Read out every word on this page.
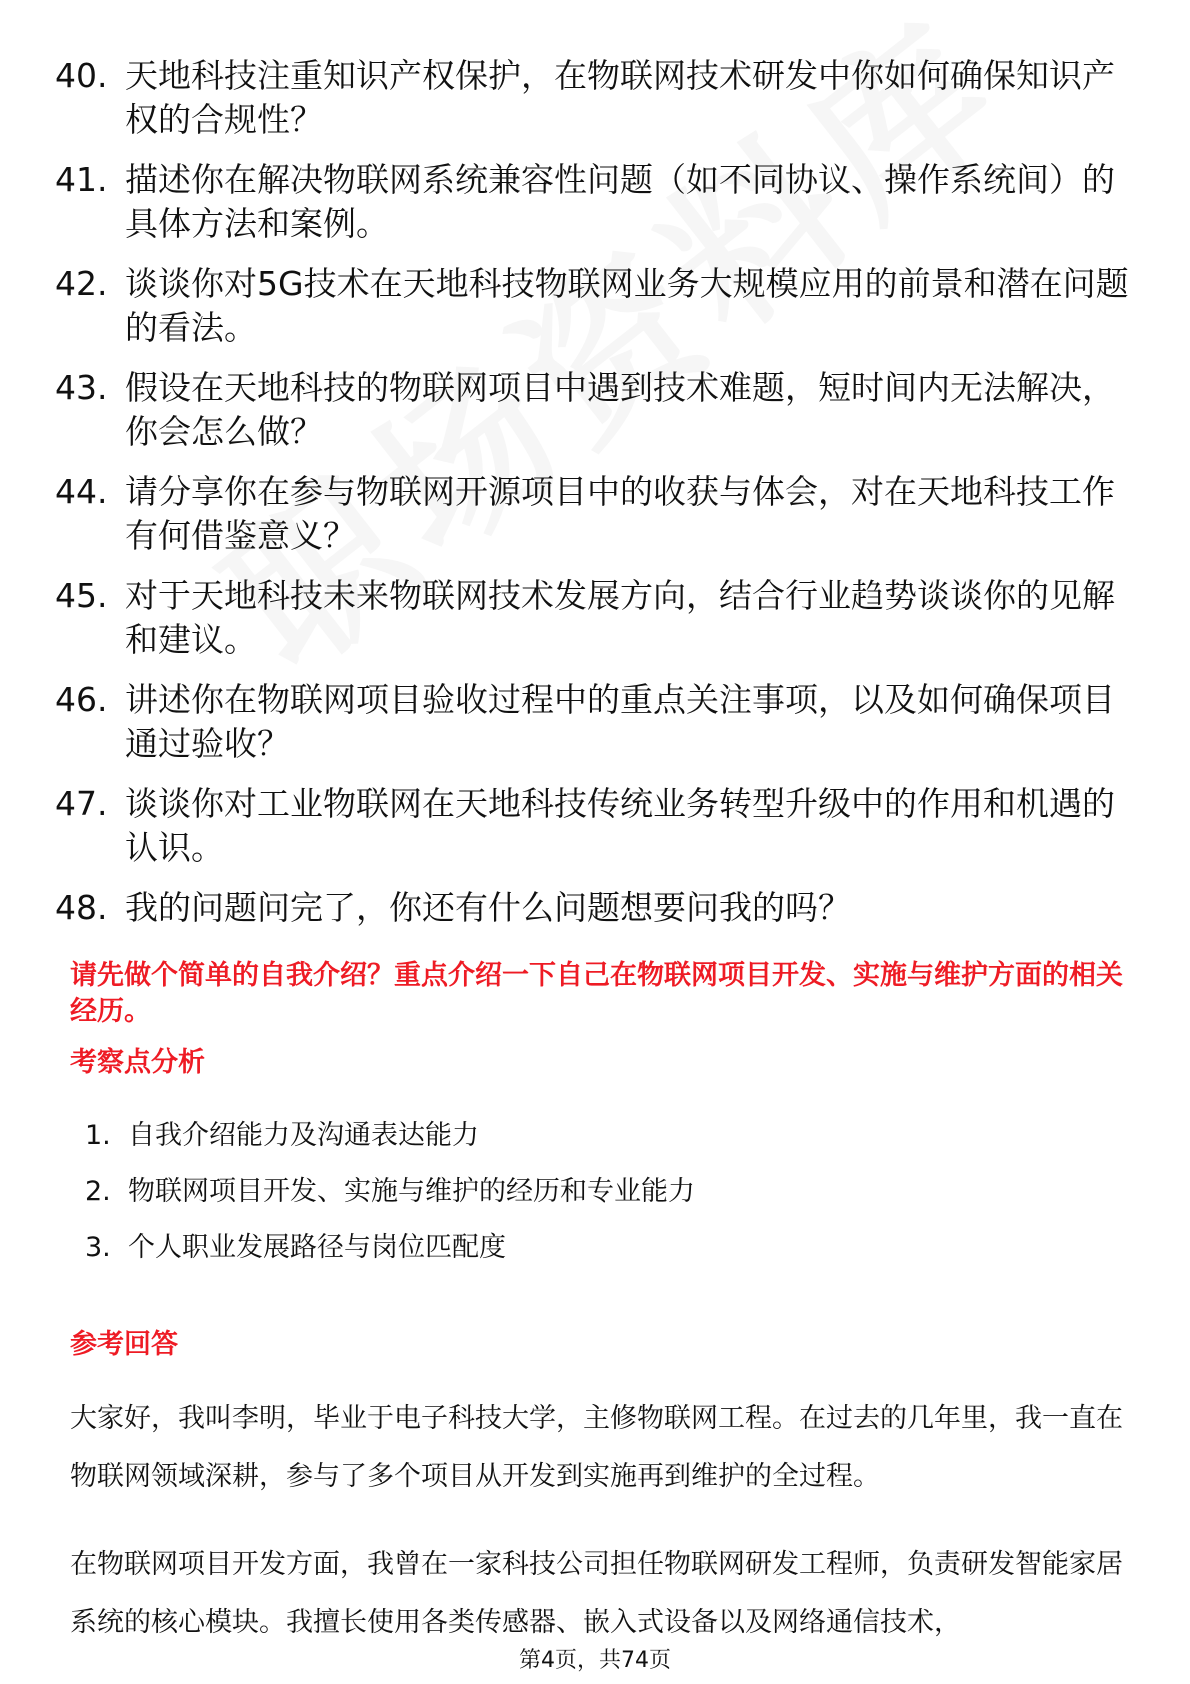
40. 天地科技注重知识产权保护，在物联网技术研发中你如何确保知识产权的合规性？
41. 描述你在解决物联网系统兼容性问题（如不同协议、操作系统间）的具体方法和案例。
42. 谈谈你对5G技术在天地科技物联网业务大规模应用的前景和潜在问题的看法。
43. 假设在天地科技的物联网项目中遇到技术难题，短时间内无法解决，你会怎么做？
44. 请分享你在参与物联网开源项目中的收获与体会，对在天地科技工作有何借鉴意义？
45. 对于天地科技未来物联网技术发展方向，结合行业趋势谈谈你的见解和建议。
46. 讲述你在物联网项目验收过程中的重点关注事项，以及如何确保项目通过验收？
47. 谈谈你对工业物联网在天地科技传统业务转型升级中的作用和机遇的认识。
48. 我的问题问完了，你还有什么问题想要问我的吗？
请先做个简单的自我介绍？重点介绍一下自己在物联网项目开发、实施与维护方面的相关经历。
考察点分析
1. 自我介绍能力及沟通表达能力
2. 物联网项目开发、实施与维护的经历和专业能力
3. 个人职业发展路径与岗位匹配度
参考回答

大家好，我叫李明，毕业于电子科技大学，主修物联网工程。在过去的几年里，我一直在物联网领域深耕，参与了多个项目从开发到实施再到维护的全过程。

在物联网项目开发方面，我曾在一家科技公司担任物联网研发工程师，负责研发智能家居系统的核心模块。我擅长使用各类传感器、嵌入式设备以及网络通信技术，

第4页，共74页
